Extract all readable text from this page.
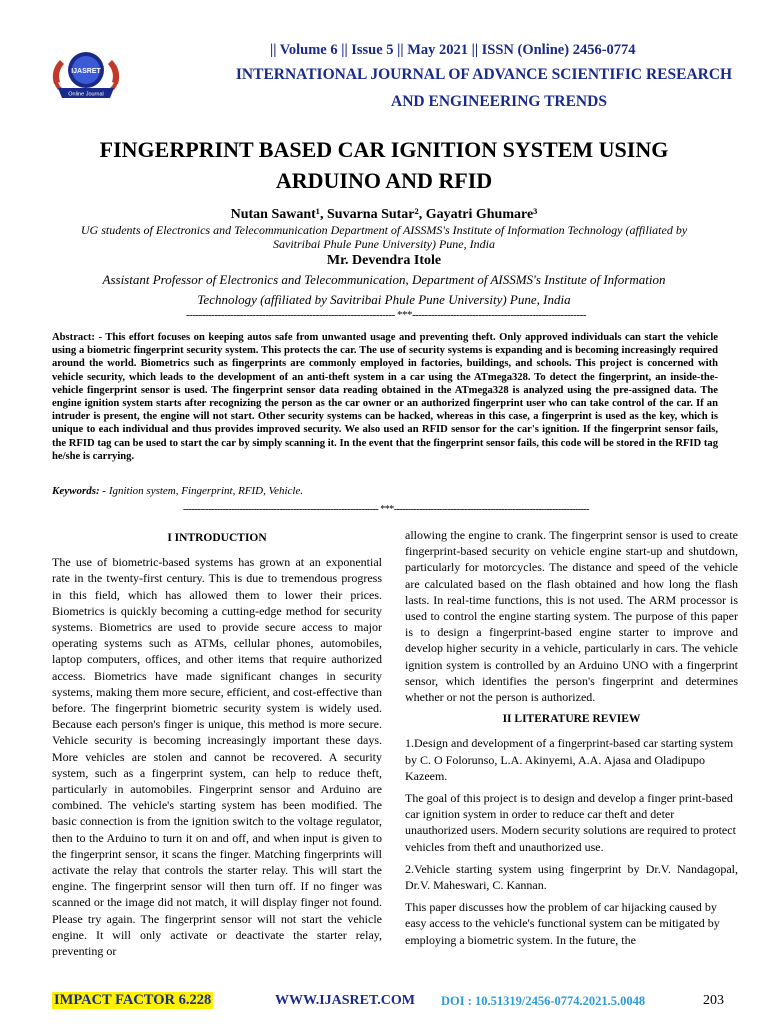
IJASRET
Online Journal
|| Volume 6 || Issue 5 || May 2021 || ISSN (Online) 2456-0774
INTERNATIONAL JOURNAL OF ADVANCE SCIENTIFIC RESEARCH
AND ENGINEERING TRENDS
FINGERPRINT BASED CAR IGNITION SYSTEM USING
ARDUINO AND RFID
Nutan Sawant¹, Suvarna Sutar², Gayatri Ghumare³
UG students of Electronics and Telecommunication Department of AISSMS's Institute of Information Technology (affiliated by
Savitribai Phule Pune University) Pune, India
Mr. Devendra Itole
Assistant Professor of Electronics and Telecommunication, Department of AISSMS's Institute of Information
Technology (affiliated by Savitribai Phule Pune University) Pune, India
------------------------------------------------------------------ ***-------------------------------------------------------
Abstract: - This effort focuses on keeping autos safe from unwanted usage and preventing theft. Only approved individuals can start the vehicle using a biometric fingerprint security system. This protects the car. The use of security systems is expanding and is becoming increasingly required around the world. Biometrics such as fingerprints are commonly employed in factories, buildings, and schools. This project is concerned with vehicle security, which leads to the development of an anti-theft system in a car using the ATmega328. To detect the fingerprint, an inside-the-vehicle fingerprint sensor is used. The fingerprint sensor data reading obtained in the ATmega328 is analyzed using the pre-assigned data. The engine ignition system starts after recognizing the person as the car owner or an authorized fingerprint user who can take control of the car. If an intruder is present, the engine will not start. Other security systems can be hacked, whereas in this case, a fingerprint is used as the key, which is unique to each individual and thus provides improved security. We also used an RFID sensor for the car's ignition. If the fingerprint sensor fails, the RFID tag can be used to start the car by simply scanning it. In the event that the fingerprint sensor fails, this code will be stored in the RFID tag he/she is carrying.
Keywords: - Ignition system, Fingerprint, RFID, Vehicle.
--------------------------------------------------------------------- ***---------------------------------------------------------------------
I INTRODUCTION
The use of biometric-based systems has grown at an exponential rate in the twenty-first century. This is due to tremendous progress in this field, which has allowed them to lower their prices. Biometrics is quickly becoming a cutting-edge method for security systems. Biometrics are used to provide secure access to major operating systems such as ATMs, cellular phones, automobiles, laptop computers, offices, and other items that require authorized access. Biometrics have made significant changes in security systems, making them more secure, efficient, and cost-effective than before. The fingerprint biometric security system is widely used. Because each person's finger is unique, this method is more secure. Vehicle security is becoming increasingly important these days. More vehicles are stolen and cannot be recovered. A security system, such as a fingerprint system, can help to reduce theft, particularly in automobiles. Fingerprint sensor and Arduino are combined. The vehicle's starting system has been modified. The basic connection is from the ignition switch to the voltage regulator, then to the Arduino to turn it on and off, and when input is given to the fingerprint sensor, it scans the finger. Matching fingerprints will activate the relay that controls the starter relay. This will start the engine. The fingerprint sensor will then turn off. If no finger was scanned or the image did not match, it will display finger not found. Please try again. The fingerprint sensor will not start the vehicle engine. It will only activate or deactivate the starter relay, preventing or
allowing the engine to crank. The fingerprint sensor is used to create fingerprint-based security on vehicle engine start-up and shutdown, particularly for motorcycles. The distance and speed of the vehicle are calculated based on the flash obtained and how long the flash lasts. In real-time functions, this is not used. The ARM processor is used to control the engine starting system. The purpose of this paper is to design a fingerprint-based engine starter to improve and develop higher security in a vehicle, particularly in cars. The vehicle ignition system is controlled by an Arduino UNO with a fingerprint sensor, which identifies the person's fingerprint and determines whether or not the person is authorized.
II LITERATURE REVIEW
1.Design and development of a fingerprint-based car starting system by C. O Folorunso, L.A. Akinyemi, A.A. Ajasa and Oladipupo Kazeem.
The goal of this project is to design and develop a finger print-based car ignition system in order to reduce car theft and deter unauthorized users. Modern security solutions are required to protect vehicles from theft and unauthorized use.
2.Vehicle starting system using fingerprint by Dr.V. Nandagopal, Dr.V. Maheswari, C. Kannan.
This paper discusses how the problem of car hijacking caused by easy access to the vehicle's functional system can be mitigated by employing a biometric system. In the future, the
IMPACT FACTOR 6.228	WWW.IJASRET.COM DOI : 10.51319/2456-0774.2021.5.0048	203
